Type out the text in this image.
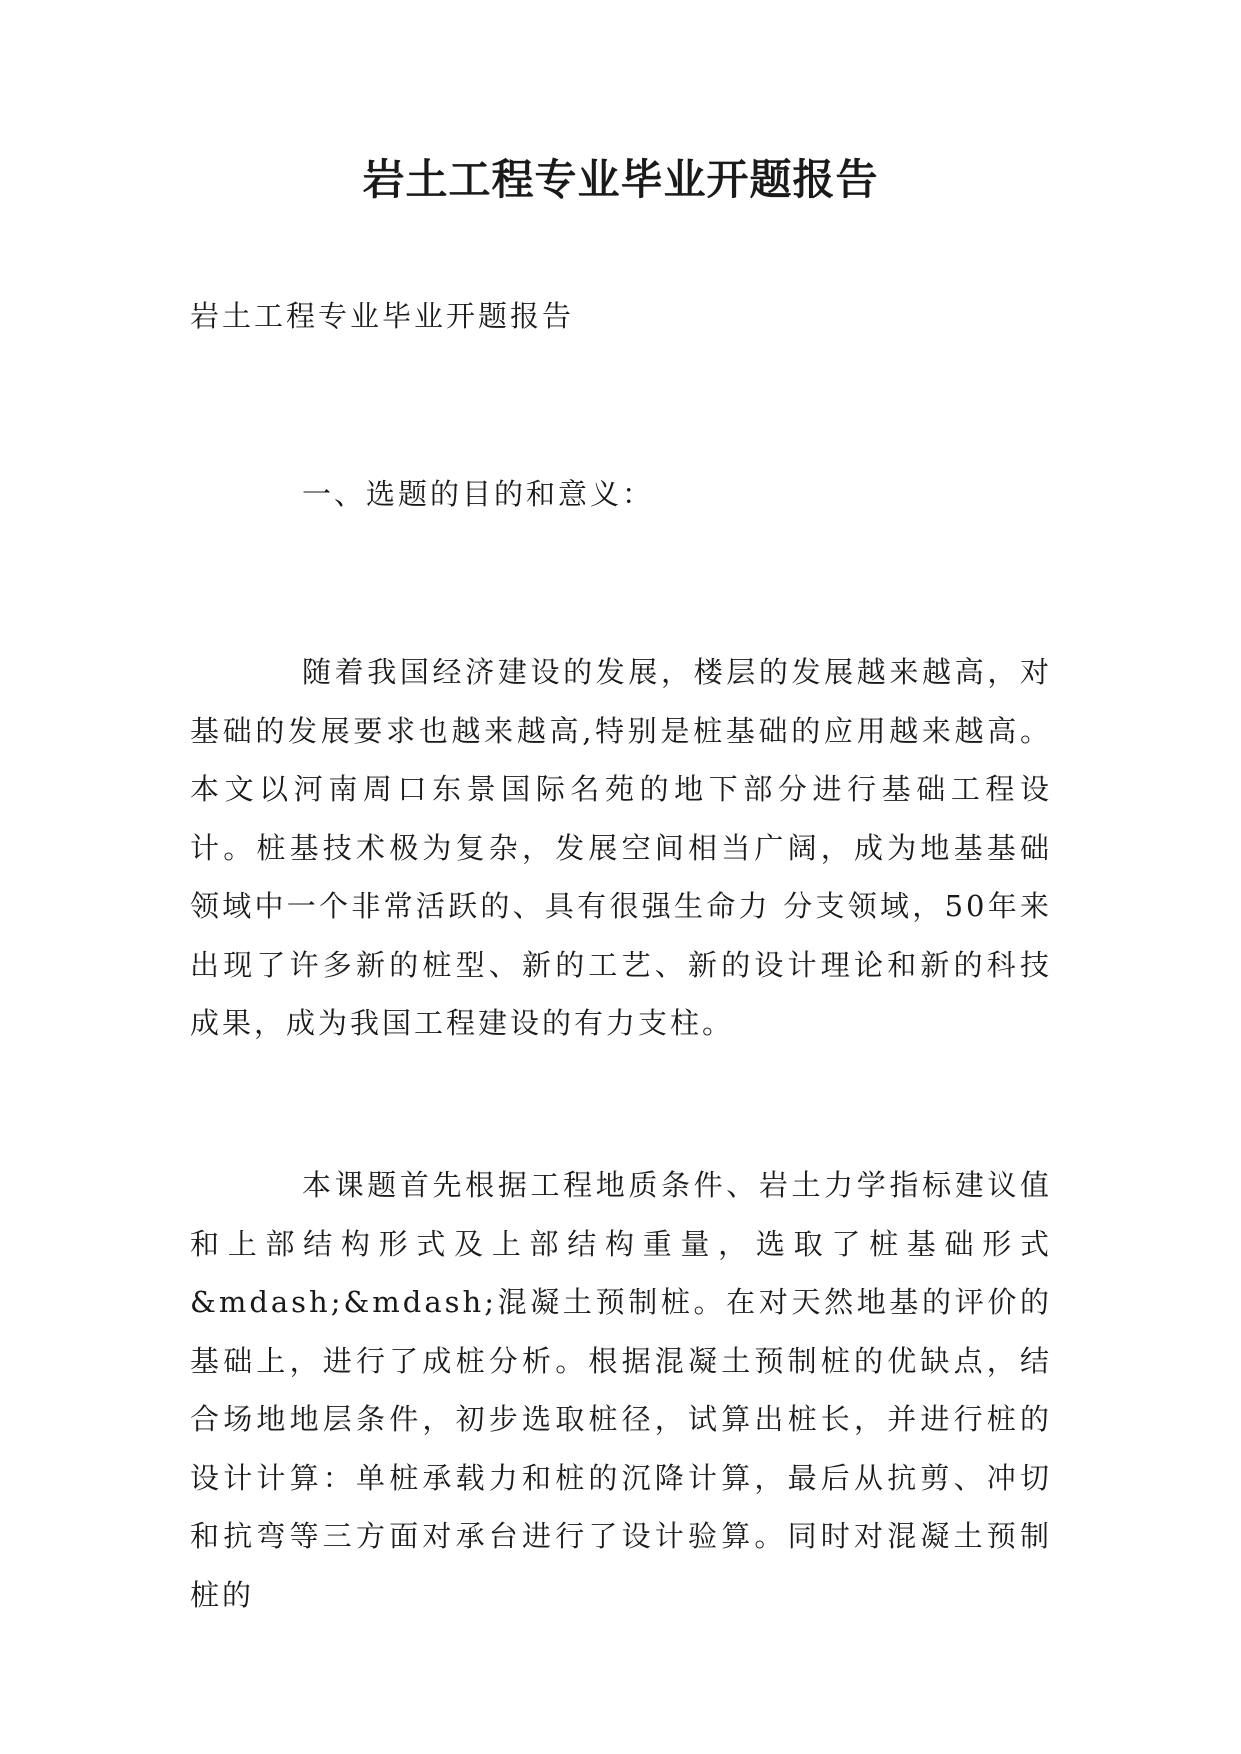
岩土工程专业毕业开题报告
岩土工程专业毕业开题报告
一、选题的目的和意义：

随着我国经济建设的发展，楼层的发展越来越高，对基础的发展要求也越来越高,特别是桩基础的应用越来越高。本文以河南周口东景国际名苑的地下部分进行基础工程设计。桩基技术极为复杂，发展空间相当广阔，成为地基基础领域中一个非常活跃的、具有很强生命力 分支领域，50年来出现了许多新的桩型、新的工艺、新的设计理论和新的科技成果，成为我国工程建设的有力支柱。

本课题首先根据工程地质条件、岩土力学指标建议值和上部结构形式及上部结构重量，选取了桩基础形式&mdash;&mdash;混凝土预制桩。在对天然地基的评价的基础上，进行了成桩分析。根据混凝土预制桩的优缺点，结合场地地层条件，初步选取桩径，试算出桩长，并进行桩的设计计算：单桩承载力和桩的沉降计算，最后从抗剪、冲切和抗弯等三方面对承台进行了设计验算。同时对混凝土预制桩的
